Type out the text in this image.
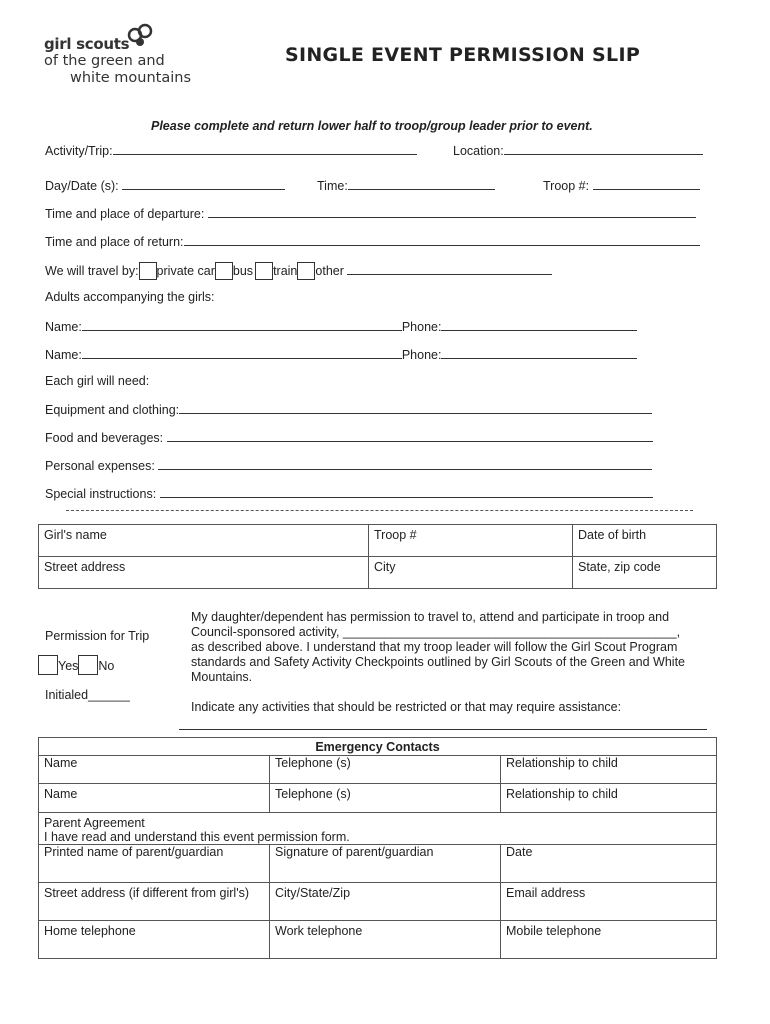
girl scouts
of the green and
white mountains
SINGLE EVENT PERMISSION SLIP
Please complete and return lower half to troop/group leader prior to event.
Activity/Trip:	Location:
Day/Date (s):	Time:	Troop #:
Time and place of departure:
Time and place of return:
We will travel by: private car bus train other
Adults accompanying the girls:
Name:	Phone:
Name:	Phone:
Each girl will need:
Equipment and clothing:
Food and beverages:
Personal expenses:
Special instructions:
Girl's name	Troop #	Date of birth
Street address	City	State, zip code
Permission for Trip
Yes No
Initialed______
My daughter/dependent has permission to travel to, attend and participate in troop and Council-sponsored activity, ________________________________________________, as described above. I understand that my troop leader will follow the Girl Scout Program standards and Safety Activity Checkpoints outlined by Girl Scouts of the Green and White Mountains.
Indicate any activities that should be restricted or that may require assistance:
Emergency Contacts		
Name	Telephone (s)	Relationship to child
Name	Telephone (s)	Relationship to child

Parent Agreement
I have read and understand this event permission form.		

Printed name of parent/guardian	Signature of parent/guardian	Date
Street address (if different from girl's)	City/State/Zip	Email address
Home telephone	Work telephone	Mobile telephone
